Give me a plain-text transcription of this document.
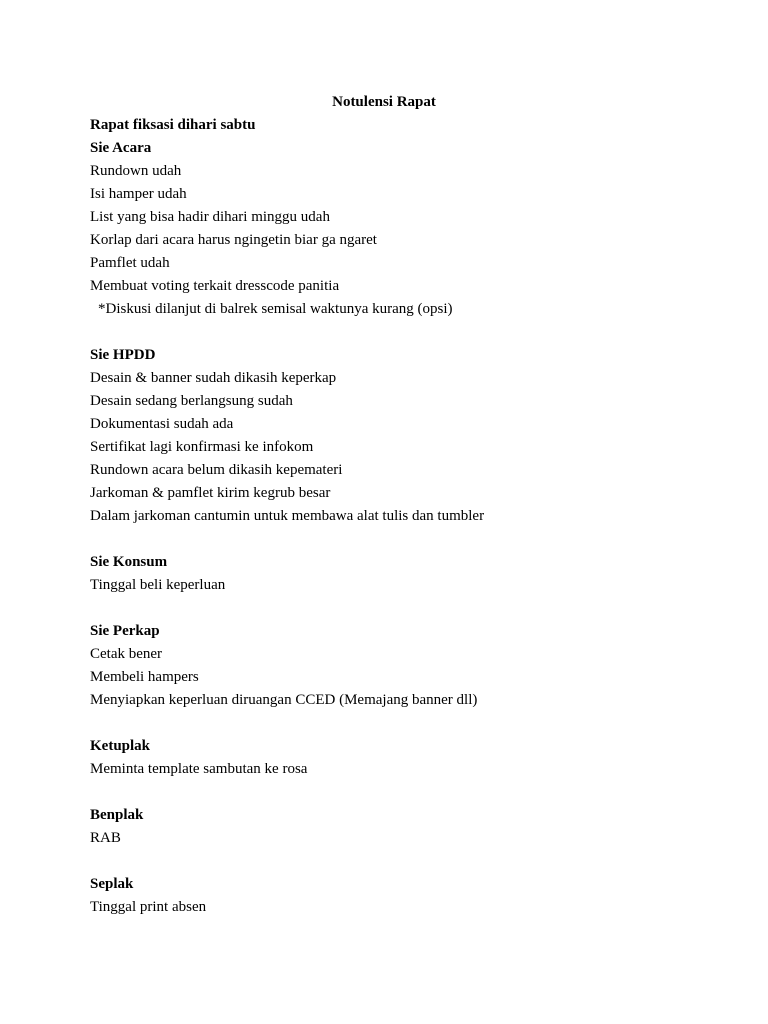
Notulensi Rapat

Rapat fiksasi dihari sabtu

Sie Acara

Rundown udah

Isi hamper udah

List yang bisa hadir dihari minggu udah

Korlap dari acara harus ngingetin biar ga ngaret

Pamflet udah

Membuat voting terkait dresscode panitia

*Diskusi dilanjut di balrek semisal waktunya kurang (opsi)

Sie HPDD

Desain & banner sudah dikasih keperkap

Desain sedang berlangsung sudah

Dokumentasi sudah ada

Sertifikat lagi konfirmasi ke infokom

Rundown acara belum dikasih kepemateri

Jarkoman & pamflet kirim kegrub besar

Dalam jarkoman cantumin untuk membawa alat tulis dan tumbler

Sie Konsum

Tinggal beli keperluan

Sie Perkap

Cetak bener

Membeli hampers

Menyiapkan keperluan diruangan CCED (Memajang banner dll)

Ketuplak

Meminta template sambutan ke rosa

Benplak

RAB

Seplak

Tinggal print absen
